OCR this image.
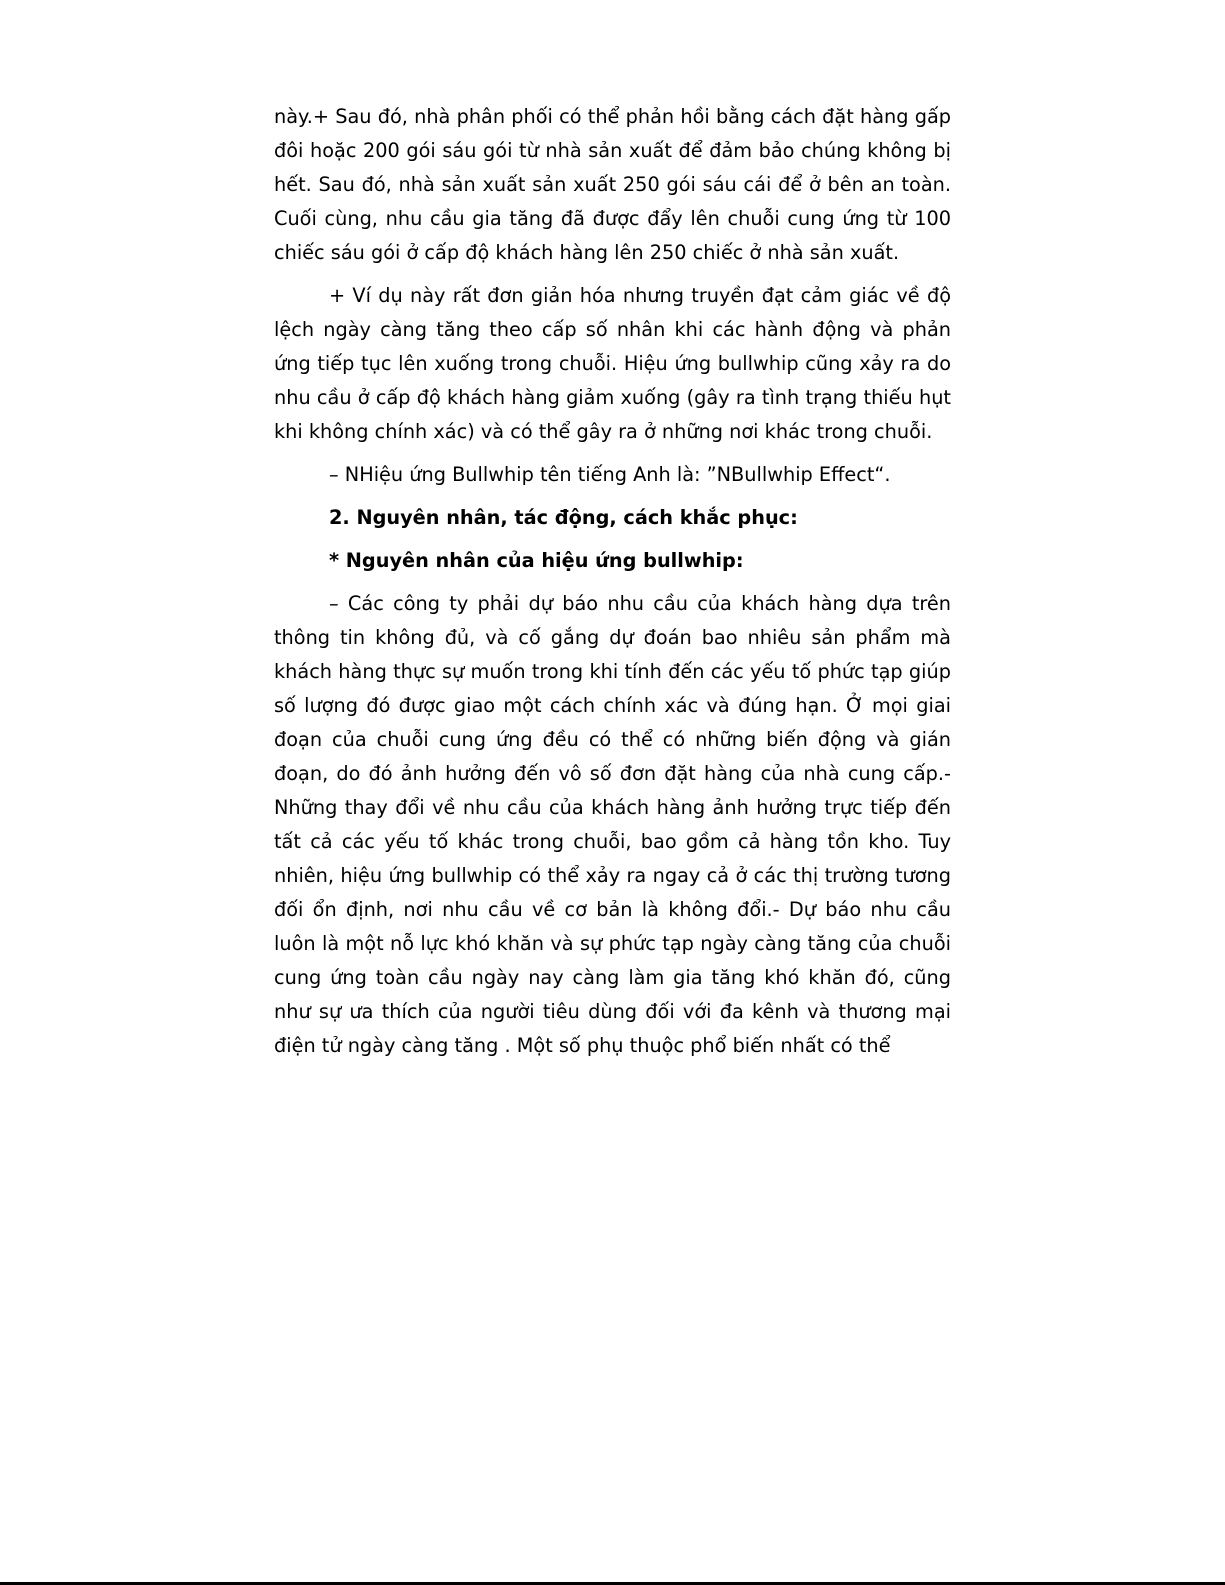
này.+ Sau đó, nhà phân phối có thể phản hồi bằng cách đặt hàng gấp đôi hoặc 200 gói sáu gói từ nhà sản xuất để đảm bảo chúng không bị hết. Sau đó, nhà sản xuất sản xuất 250 gói sáu cái để ở bên an toàn. Cuối cùng, nhu cầu gia tăng đã được đẩy lên chuỗi cung ứng từ 100 chiếc sáu gói ở cấp độ khách hàng lên 250 chiếc ở nhà sản xuất.

+ Ví dụ này rất đơn giản hóa nhưng truyền đạt cảm giác về độ lệch ngày càng tăng theo cấp số nhân khi các hành động và phản ứng tiếp tục lên xuống trong chuỗi. Hiệu ứng bullwhip cũng xảy ra do nhu cầu ở cấp độ khách hàng giảm xuống (gây ra tình trạng thiếu hụt khi không chính xác) và có thể gây ra ở những nơi khác trong chuỗi.

– NHiệu ứng Bullwhip tên tiếng Anh là: ”NBullwhip Effect“.

2. Nguyên nhân, tác động, cách khắc phục:

* Nguyên nhân của hiệu ứng bullwhip:

– Các công ty phải dự báo nhu cầu của khách hàng dựa trên thông tin không đủ, và cố gắng dự đoán bao nhiêu sản phẩm mà khách hàng thực sự muốn trong khi tính đến các yếu tố phức tạp giúp số lượng đó được giao một cách chính xác và đúng hạn. Ở mọi giai đoạn của chuỗi cung ứng đều có thể có những biến động và gián đoạn, do đó ảnh hưởng đến vô số đơn đặt hàng của nhà cung cấp.- Những thay đổi về nhu cầu của khách hàng ảnh hưởng trực tiếp đến tất cả các yếu tố khác trong chuỗi, bao gồm cả hàng tồn kho. Tuy nhiên, hiệu ứng bullwhip có thể xảy ra ngay cả ở các thị trường tương đối ổn định, nơi nhu cầu về cơ bản là không đổi.- Dự báo nhu cầu luôn là một nỗ lực khó khăn và sự phức tạp ngày càng tăng của chuỗi cung ứng toàn cầu ngày nay càng làm gia tăng khó khăn đó, cũng như sự ưa thích của người tiêu dùng đối với đa kênh và thương mại điện tử ngày càng tăng . Một số phụ thuộc phổ biến nhất có thể
